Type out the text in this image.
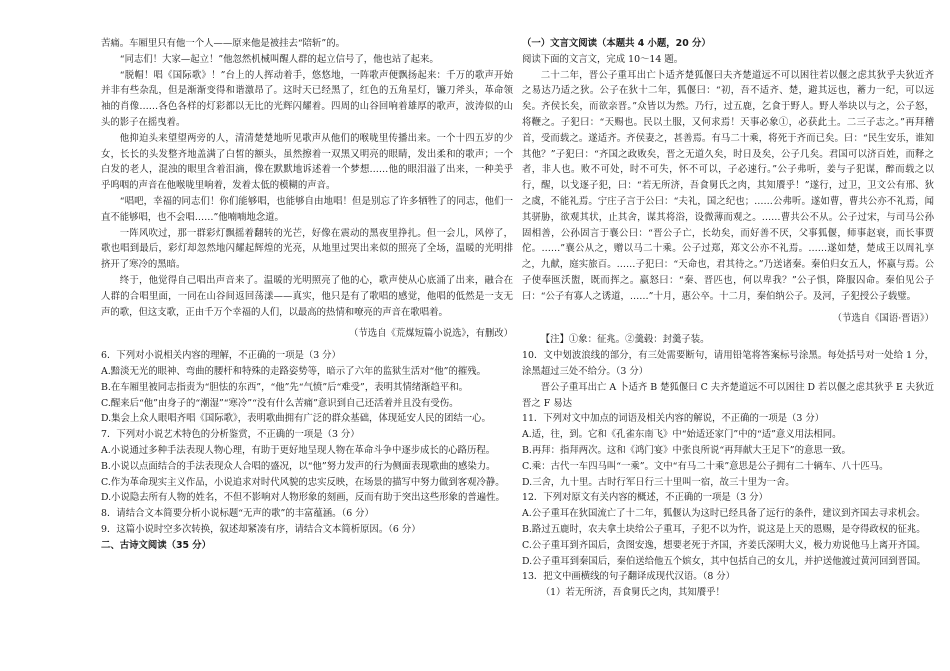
苦痛。车厢里只有他一个人——原来他是被挂去“陪斩”的。

“同志们！大家—起立！”他忽然机械叫醒人群的起立信号了，他也站了起来。

“脱帽！唱《国际歌》！”台上的人挥动着手，悠悠地，一阵歌声便飘扬起来：千万的歌声开始并非有些杂乱，但是渐渐变得和谐激昂了。这时天已经黑了，红色的五角星灯，镰刀斧头，革命领袖的肖像……各色各样的灯彩都以无比的光辉闪耀着。四周的山谷回响着雄厚的歌声，波涛似的山头的影子在摇曳着。

他抑迫头来望望两旁的人，清清楚楚地听见歌声从他们的喉咙里传播出来。一个十四五岁的少女，长长的头发整齐地盖满了白皙的额头，虽然擦着一双黑又明亮的眼睛，发出柔和的歌声；一个白发的老人，混浊的眼里含着泪滴，像在默默地诉述着一个梦想……他的眼泪溢了出来，一种美乎乎呜咽的声音在他喉咙里响着，发着太低的模糊的声音。

“唱吧，幸福的同志们！你们能够唱，也能够自由地唱！但是别忘了许多牺牲了的同志，他们一直不能够唱，也不会唱……”他喃喃地念道。

一阵风吹过，那一群彩灯飘摇着翻转的光芒，好像在震动的黑夜里挣扎。但一会儿，风停了，歌也唱到最后，彩灯却忽然地闪耀起辉煌的光亮，从地里过哭出来似的照亮了全场，温暖的光明排挤开了寒冷的黑暗。

终于，他觉得自己唱出声音来了。温暖的光明照亮了他的心，歌声使从心底涌了出来，融合在人群的合唱里面，一同在山谷间返回荡漾——真实，他只是有了歌唱的感觉，他唱的低然是一支无声的歌，但这支歌，正由千万个幸福的人们，以最高的热情和嘹亮的声音在歌唱着。

（节选自《荒煤短篇小说选》，有删改）

6．下列对小说相关内容的理解，不正确的一项是（3 分）

A.黯淡无光的眼神、弯曲的腰杆和特殊的走路姿势等，暗示了六年的监狱生活对“他”的摧残。

B.在车厢里被同志指责为“胆怯的东西”，“他”先“气愤”后“难受”，表明其情绪渐趋平和。

C.醒来后“他”由身子的“潮湿”“寒冷”“没有什么苦痛”意识到自己还活着并且没有受伤。

D.集会上众人眼唱齐唱《国际歌》，表明歌曲拥有广泛的群众基础，体现延安人民的团结一心。

7．下列对小说艺术特色的分析鉴赏，不正确的一项是（3 分）

A.小说通过多种手法表现人物心理，有助于更好地呈现人物在革命斗争中逐步成长的心路历程。

B.小说以点面结合的手法表现众人合唱的盛况，以“他”努力发声的行为侧面表现歌曲的感染力。

C.作为革命现实主义作品，小说追求对时代风貌的忠实反映，在场景的描写中努力做到客观冷静。

D.小说隐去所有人物的姓名，不但不影响对人物形象的刻画，反而有助于突出这些形象的普遍性。

8．请结合文本简要分析小说标题“无声的歌”的丰富蕴涵。（6 分）

9．这篇小说时空多次转换，叙述却紧凑有序，请结合文本简析原因。（6 分）

二、古诗文阅读（35 分）

（一）文言文阅读（本题共 4 小题，20 分）

阅读下面的文言文，完成 10～14 题。

二十二年，晋公子重耳出亡卜适齐楚狐偃曰夫齐楚道远不可以困往若以偃之虑其狄乎夫狄近齐之易达乃适之狄。公子在狄十二年，狐偃曰：“初，吾不适齐、楚，避其远也，蓄力一纪，可以远矣。齐侯长矣，而欲亲晋。”众皆以为然。乃行，过五鹿，乞食于野人。野人举块以与之，公子怒，将鞭之。子犯曰：“天赐也。民以土服，又何求焉！天事必象①，必获此土。二三子志之。”再拜稽首，受而载之。遂适齐。齐侯妻之，甚善焉。有马二十乘，将死于齐而已矣。曰：“民生安乐，谁知其他？”子犯曰：“齐国之政败矣，晋之无道久矣，时日及矣，公子几矣。君国可以济百姓，而释之者，非人也。败不可处，时不可失，怀不可以，子必速行。”公子弗听，姜与子犯谋，醉而载之以行，醒，以戈逐子犯，曰：“若无所济，吾食舅氏之肉，其知餍乎！”遂行，过卫，卫文公有邢、狄之虞，不能礼焉。宁庄子言于公曰：“夫礼，国之纪也；……公弗听。遂如曹，曹共公亦不礼焉，闻其骈胁，欲观其状，止其舍，谋其将浴，设微薄而观之。……曹共公不从。公子过宋，与司马公孙固相善，公孙固言于襄公曰：“晋公子亡，长幼矣，而好善不厌，父事狐偃，师事赵衰，而长事贾佗。……”襄公从之，赠以马二十乘。公子过郑，郑文公亦不礼焉。……遂如楚，楚成王以周礼享之，九献，庭实旅百。……子犯曰：“天命也，君其待之。”乃送诸秦。秦伯归女五人，怀嬴与焉。公子使奉匜沃盥，既而挥之。嬴怒曰：“秦、晋匹也，何以卑我？”公子惧，降服囚命。秦伯见公子曰：“公子有寡人之诱道，……”十月，惠公卒。十二月，秦伯纳公子。及河，子犯授公子载璧。

（节选自《国语·晋语》）

【注】①象：征兆。②羹毂：封羹子装。

10．文中划波浪线的部分，有三处需要断句，请用铅笔将答案标号涂黑。每处括号对一处给 1 分，涂黑超过三处不给分。（3 分）

晋公子重耳出亡 A 卜适齐 B 楚狐偃曰 C 夫齐楚道远不可以困往 D 若以偃之虑其狄乎 E 夫狄近晋之 F 易达

11．下列对文中加点的词语及相关内容的解说，不正确的一项是（3 分）

A.适，往，到。它和《孔雀东南飞》中“始适还家门”中的“适”意义用法相同。

B.再拜：指拜两次。这和《鸿门宴》中张良所说“再拜献大王足下”的意思一致。

C.乘：古代一车四马叫“一乘”。文中“有马二十乘”意思是公子拥有二十辆车、八十匹马。

D.三舍，九十里。古时行军日行三十里叫一宿，故三十里为一舍。

12．下列对原文有关内容的概述，不正确的一项是（3 分）

A.公子重耳在狄国流亡了十二年，狐偃认为这时已经具备了远行的条件，建议到齐国去寻求机会。

B.路过五鹿时，农夫拿土块给公子重耳，子犯不以为忤，说这是上天的恩赐，是夺得政权的征兆。

C.公子重耳到齐国后，贪图安逸，想要老死于齐国，齐姜氏深明大义，极力劝说他马上离开齐国。

D.公子重耳到秦国后，秦伯送给他五个嫔女，其中包括自己的女儿，并护送他渡过黄河回到晋国。

13．把文中画横线的句子翻译成现代汉语。（8 分）

（1）若无所济，吾食舅氏之肉，其知餍乎！
